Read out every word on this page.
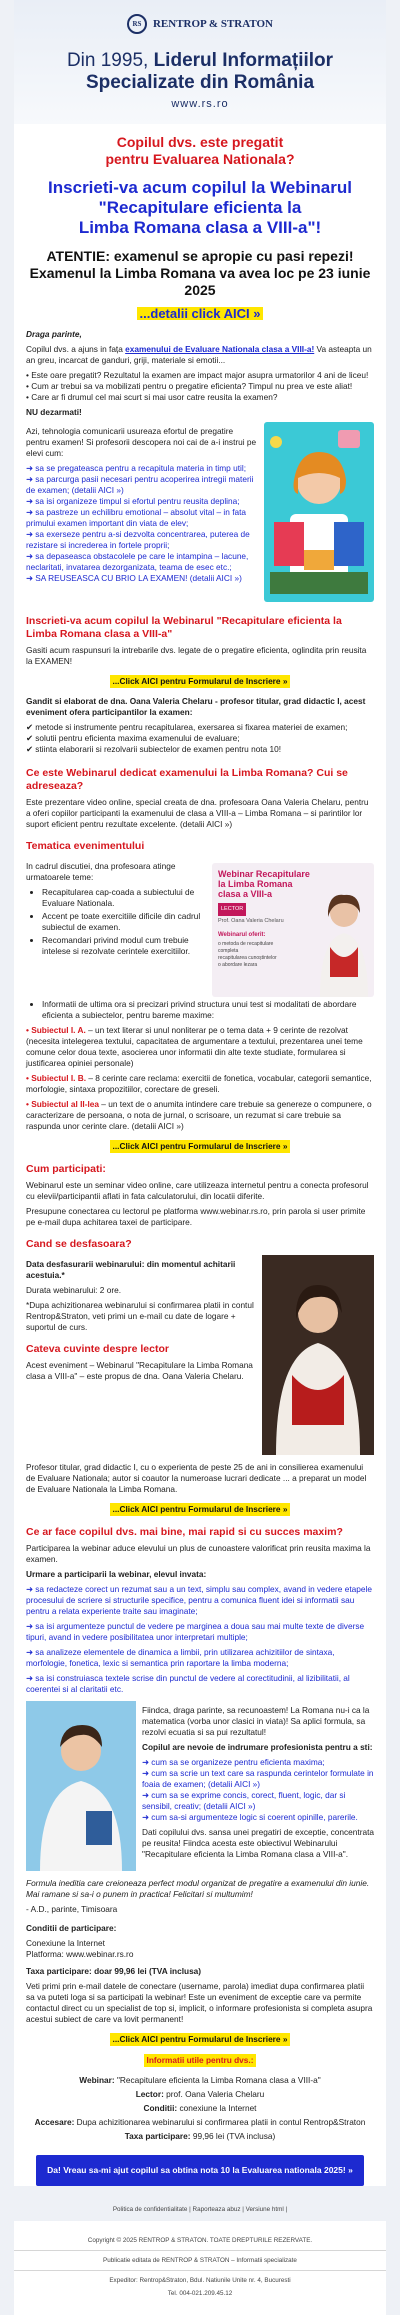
RS	RENTROP & STRATON
Din 1995, Liderul Informațiilor
Specializate din România
www.rs.ro
Copilul dvs. este pregatit
pentru Evaluarea Nationala?
Inscrieti-va acum copilul la Webinarul
"Recapitulare eficienta la
Limba Romana clasa a VIII-a"!
ATENTIE: examenul se apropie cu pasi repezi!
Examenul la Limba Romana va avea loc pe 23 iunie 2025
...detalii click AICI »

Draga parinte,

Copilul dvs. a ajuns in fața examenului de Evaluare Nationala clasa a VIII-a! Va asteapta un an greu, incarcat de ganduri, griji, materiale si emotii...

• Este oare pregatit? Rezultatul la examen are impact major asupra urmatorilor 4 ani de liceu!
• Cum ar trebui sa va mobilizati pentru o pregatire eficienta? Timpul nu prea ve este aliat!
• Care ar fi drumul cel mai scurt si mai usor catre reusita la examen?

NU dezarmati!

Azi, tehnologia comunicarii usureaza efortul de pregatire pentru examen! Si profesorii descopera noi cai de a-i instrui pe elevi cum:

➜ sa se pregateasca pentru a recapitula materia in timp util;
➜ sa parcurga pasii necesari pentru acoperirea intregii materii de examen; (detalii AICI »)
➜ sa isi organizeze timpul si efortul pentru reusita deplina;
➜ sa pastreze un echilibru emotional – absolut vital – in fata primului examen important din viata de elev;
➜ sa exerseze pentru a-si dezvolta concentrarea, puterea de rezistare si increderea in fortele proprii;
➜ sa depaseasca obstacolele pe care le intampina – lacune, neclaritati, invatarea dezorganizata, teama de esec etc.;
➜ SA REUSEASCA CU BRIO LA EXAMEN! (detalii AICI »)
Inscrieti-va acum copilul la Webinarul "Recapitulare eficienta la Limba Romana clasa a VIII-a"

Gasiti acum raspunsuri la intrebarile dvs. legate de o pregatire eficienta, oglindita prin reusita la EXAMEN!

...Click AICI pentru Formularul de Inscriere »

Gandit si elaborat de dna. Oana Valeria Chelaru - profesor titular, grad didactic I, acest eveniment ofera participantilor la examen:

✔ metode si instrumente pentru recapitularea, exersarea si fixarea materiei de examen;
✔ solutii pentru eficienta maxima examenului de evaluare;
✔ stiinta elaborarii si rezolvarii subiectelor de examen pentru nota 10!
Ce este Webinarul dedicat examenului la Limba Romana? Cui se adreseaza?

Este prezentare video online, special creata de dna. profesoara Oana Valeria Chelaru, pentru a oferi copiilor participanti la examenului de clasa a VIII-a – Limba Romana – si parintilor lor suport eficient pentru rezultate excelente. (detalii AICI »)

Tematica evenimentului

In cadrul discutiei, dna profesoara atinge urmatoarele teme:

• Recapitularea cap-coada a subiectului de Evaluare Nationala.
• Accent pe toate exercitiile dificile din cadrul subiectul de examen.
• Recomandari privind modul cum trebuie intelese si rezolvate cerintele exercitiilor.
Webinar Recapitulare
la Limba Romana
clasa a VIII-a
LECTOR
Prof. Oana Valeria Chelaru
Webinarul oferit:
o metoda de recapitulare completa
recapitularea cunoștintelor
o abordare lezara
• Informatii de ultima ora si precizari privind structura unui test si modalitati de abordare eficienta a subiectelor, pentru bareme maxime:

• Subiectul I. A. – un text literar si unul nonliterar pe o tema data + 9 cerinte de rezolvat (necesita intelegerea textului, capacitatea de argumentare a textului, prezentarea unei teme comune celor doua texte, asocierea unor informatii din alte texte studiate, formularea si justificarea opiniei personale)

• Subiectul I. B. – 8 cerinte care reclama: exercitii de fonetica, vocabular, categorii semantice, morfologie, sintaxa propozitiilor, corectare de greseli.

• Subiectul al II-lea – un text de o anumita intindere care trebuie sa genereze o compunere, o caracterizare de persoana, o nota de jurnal, o scrisoare, un rezumat si care trebuie sa raspunda unor cerinte clare. (detalii AICI »)

...Click AICI pentru Formularul de Inscriere »
Cum participati:

Webinarul este un seminar video online, care utilizeaza internetul pentru a conecta profesorul cu elevii/participantii aflati in fata calculatorului, din locatii diferite.

Presupune conectarea cu lectorul pe platforma www.webinar.rs.ro, prin parola si user primite pe e-mail dupa achitarea taxei de participare.

Cand se desfasoara?

Data desfasurarii webinarului: din momentul achitarii acestuia.*

Durata webinarului: 2 ore.

*Dupa achizitionarea webinarului si confirmarea platii in contul Rentrop&Straton, veti primi un e-mail cu date de logare + suportul de curs.

Cateva cuvinte despre lector

Acest eveniment – Webinarul "Recapitulare la Limba Romana clasa a VIII-a" – este propus de dna. Oana Valeria Chelaru.

Profesor titular, grad didactic I, cu o experienta de peste 25 de ani in consilierea examenului de Evaluare Nationala; autor si coautor la numeroase lucrari dedicate ... a preparat un model de Evaluare Nationala la Limba Romana.

...Click AICI pentru Formularul de Inscriere »
Ce ar face copilul dvs. mai bine, mai rapid si cu succes maxim?

Participarea la webinar aduce elevului un plus de cunoastere valorificat prin reusita maxima la examen.

Urmare a participarii la webinar, elevul invata:

➜ sa redacteze corect un rezumat sau a un text, simplu sau complex, avand in vedere etapele procesului de scriere si structurile specifice, pentru a comunica fluent idei si informatii sau pentru a relata experiente traite sau imaginate;

➜ sa isi argumenteze punctul de vedere pe marginea a doua sau mai multe texte de diverse tipuri, avand in vedere posibilitatea unor interpretari multiple;

➜ sa analizeze elementele de dinamica a limbii, prin utilizarea achizitiilor de sintaxa, morfologie, fonetica, lexic si semantica prin raportare la limba moderna;

➜ sa isi construiasca textele scrise din punctul de vedere al corectitudinii, al lizibilitatii, al coerentei si al claritatii etc.

Fiindca, draga parinte, sa recunoastem! La Romana nu-i ca la matematica (vorba unor clasici in viata)! Sa aplici formula, sa rezolvi ecuatia si sa pui rezultatul!

Copilul are nevoie de indrumare profesionista pentru a sti:

➜ cum sa se organizeze pentru eficienta maxima;
➜ cum sa scrie un text care sa raspunda cerintelor formulate in foaia de examen; (detalii AICI »)
➜ cum sa se exprime concis, corect, fluent, logic, dar si sensibil, creativ; (detalii AICI »)
➜ cum sa-si argumenteze logic si coerent opinille, parerile.

Dati copilului dvs. sansa unei pregatiri de exceptie, concentrata pe reusita! Fiindca acesta este obiectivul Webinarului "Recapitulare eficienta la Limba Romana clasa a VIII-a".

Formula ineditia care creioneaza perfect modul organizat de pregatire a examenului din iunie. Mai ramane si sa-i o punem in practica! Felicitari si multumim!

- A.D., parinte, Timisoara

Conditii de participare:

Conexiune la Internet
Platforma: www.webinar.rs.ro

Taxa participare: doar 99,96 lei (TVA inclusa)

Veti primi prin e-mail datele de conectare (username, parola) imediat dupa confirmarea platii sa va puteti loga si sa participati la webinar! Este un eveniment de exceptie care va permite contactul direct cu un specialist de top si, implicit, o informare profesionista si completa asupra acestui subiect de care va lovit permanent!

...Click AICI pentru Formularul de Inscriere »
Informatii utile pentru dvs.:
Webinar: "Recapitulare eficienta la Limba Romana clasa a VIII-a"
Lector: prof. Oana Valeria Chelaru
Conditii: conexiune la Internet
Accesare: Dupa achizitionarea webinarului si confirmarea platii in contul Rentrop&Straton
Taxa participare: 99,96 lei (TVA inclusa)
Da! Vreau sa-mi ajut copilul sa obtina nota 10 la Evaluarea nationala 2025! »
Politica de confidentialitate | Raporteaza abuz | Versiune html |
Copyright © 2025 RENTROP & STRATON. TOATE DREPTURILE REZERVATE.
Publicatie editata de RENTROP & STRATON – Informatii specializate
Expeditor: Rentrop&Straton, Bdul. Natiunile Unite nr. 4, Bucuresti
Tel. 004-021.209.45.12
